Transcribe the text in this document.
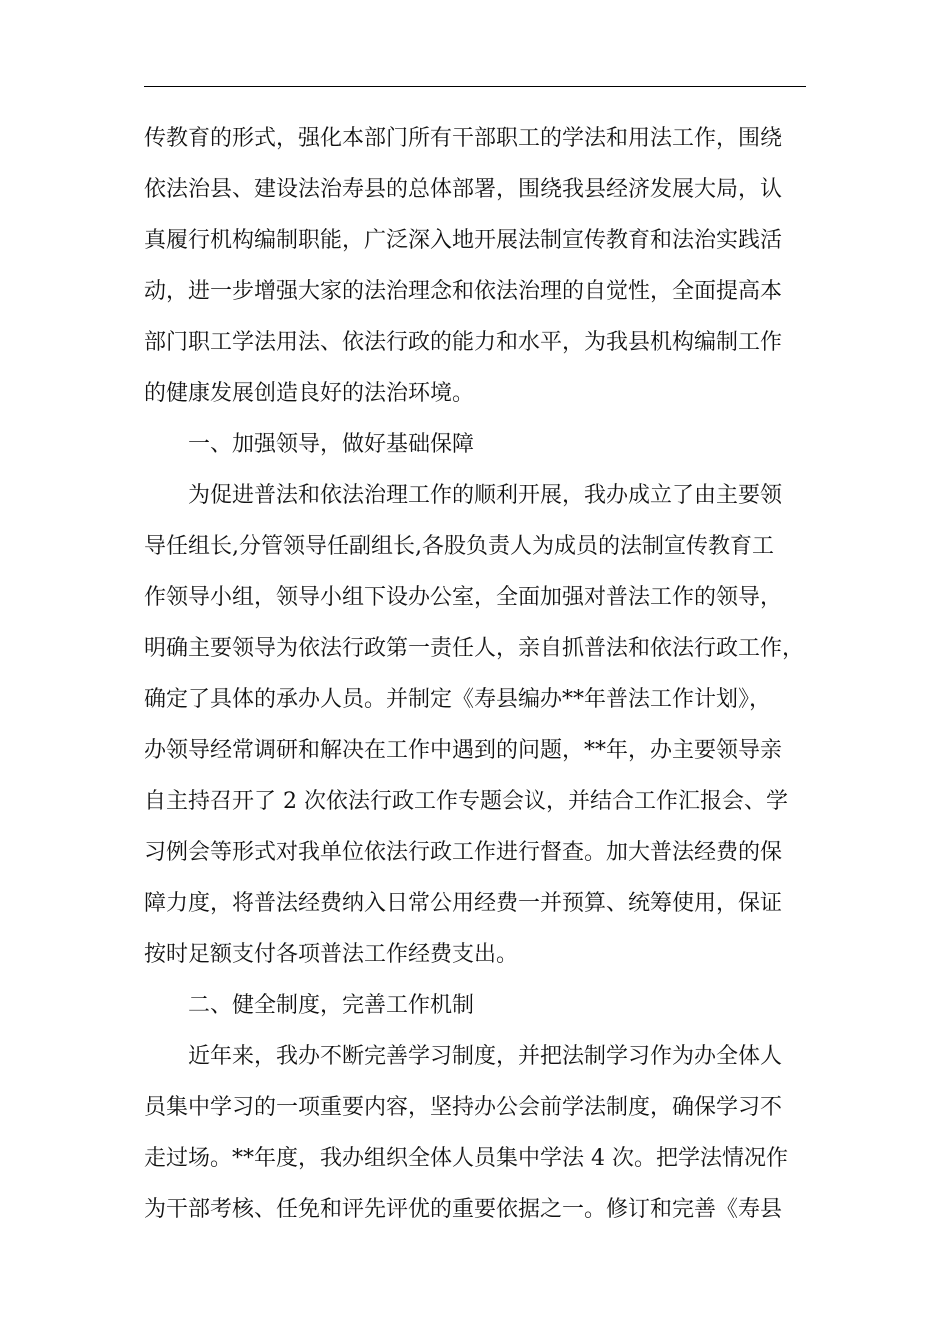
传教育的形式，强化本部门所有干部职工的学法和用法工作，围绕
依法治县、建设法治寿县的总体部署，围绕我县经济发展大局，认
真履行机构编制职能，广泛深入地开展法制宣传教育和法治实践活
动，进一步增强大家的法治理念和依法治理的自觉性，全面提高本
部门职工学法用法、依法行政的能力和水平，为我县机构编制工作
的健康发展创造良好的法治环境。
一、加强领导，做好基础保障
为促进普法和依法治理工作的顺利开展，我办成立了由主要领
导任组长,分管领导任副组长,各股负责人为成员的法制宣传教育工
作领导小组，领导小组下设办公室，全面加强对普法工作的领导，
明确主要领导为依法行政第一责任人，亲自抓普法和依法行政工作，
确定了具体的承办人员。并制定《寿县编办**年普法工作计划》，
办领导经常调研和解决在工作中遇到的问题，**年，办主要领导亲
自主持召开了 2 次依法行政工作专题会议，并结合工作汇报会、学
习例会等形式对我单位依法行政工作进行督查。加大普法经费的保
障力度，将普法经费纳入日常公用经费一并预算、统筹使用，保证
按时足额支付各项普法工作经费支出。
二、健全制度，完善工作机制
近年来，我办不断完善学习制度，并把法制学习作为办全体人
员集中学习的一项重要内容，坚持办公会前学法制度，确保学习不
走过场。**年度，我办组织全体人员集中学法 4 次。把学法情况作
为干部考核、任免和评先评优的重要依据之一。修订和完善《寿县
